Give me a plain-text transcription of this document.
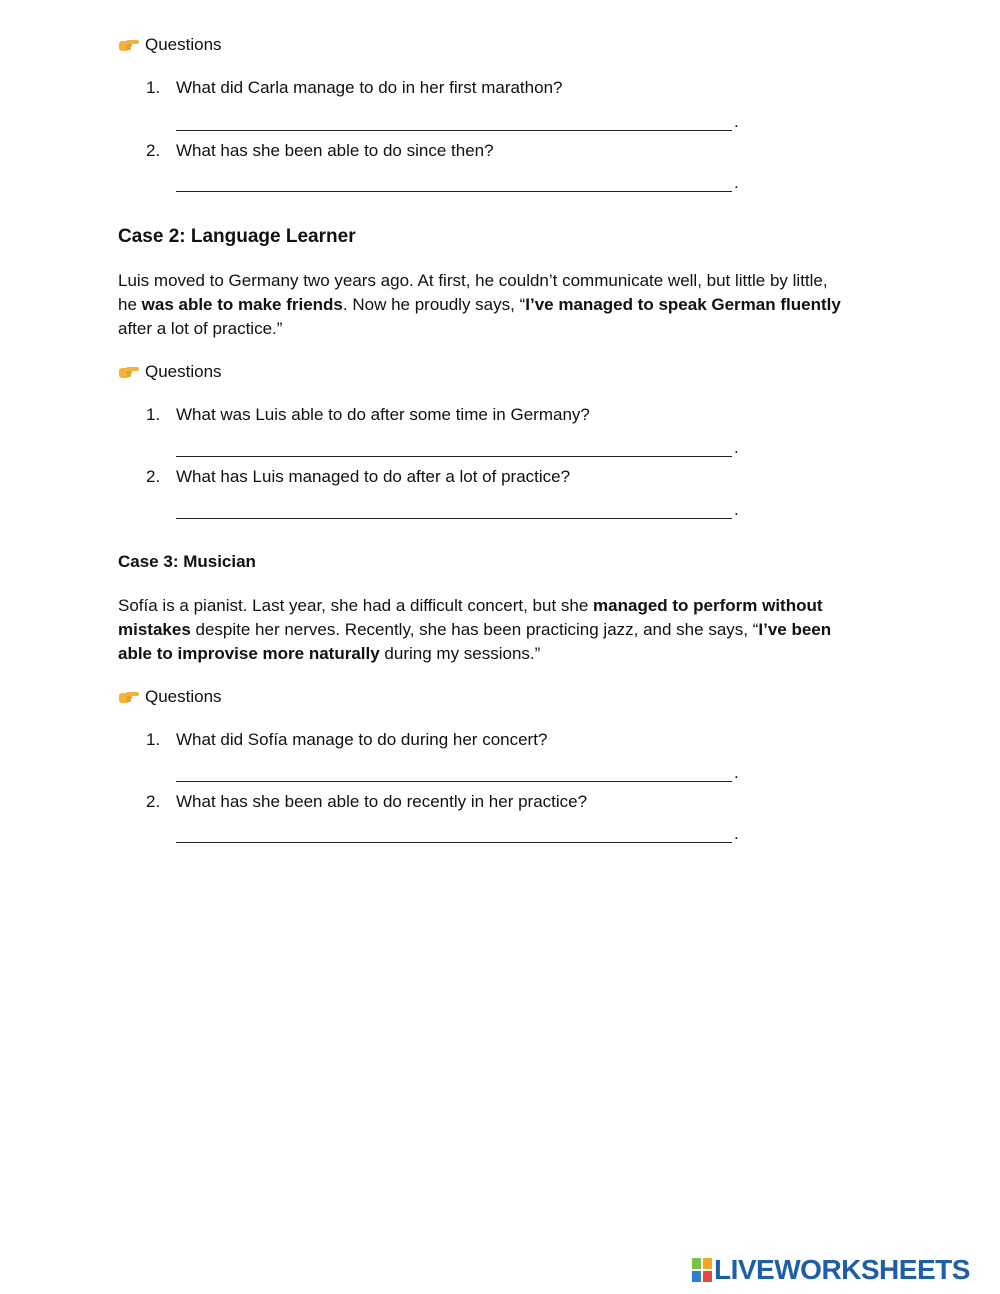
Questions
1. What did Carla manage to do in her first marathon?
.
2. What has she been able to do since then?
.
Case 2: Language Learner
Luis moved to Germany two years ago. At first, he couldn’t communicate well, but little by little,
he was able to make friends. Now he proudly says, “I’ve managed to speak German fluently
after a lot of practice.”
Questions
1. What was Luis able to do after some time in Germany?
.
2. What has Luis managed to do after a lot of practice?
.
Case 3: Musician
Sofía is a pianist. Last year, she had a difficult concert, but she managed to perform without
mistakes despite her nerves. Recently, she has been practicing jazz, and she says, “I’ve been
able to improvise more naturally during my sessions.”
Questions
1. What did Sofía manage to do during her concert?
.
2. What has she been able to do recently in her practice?
.
LIVEWORKSHEETS
